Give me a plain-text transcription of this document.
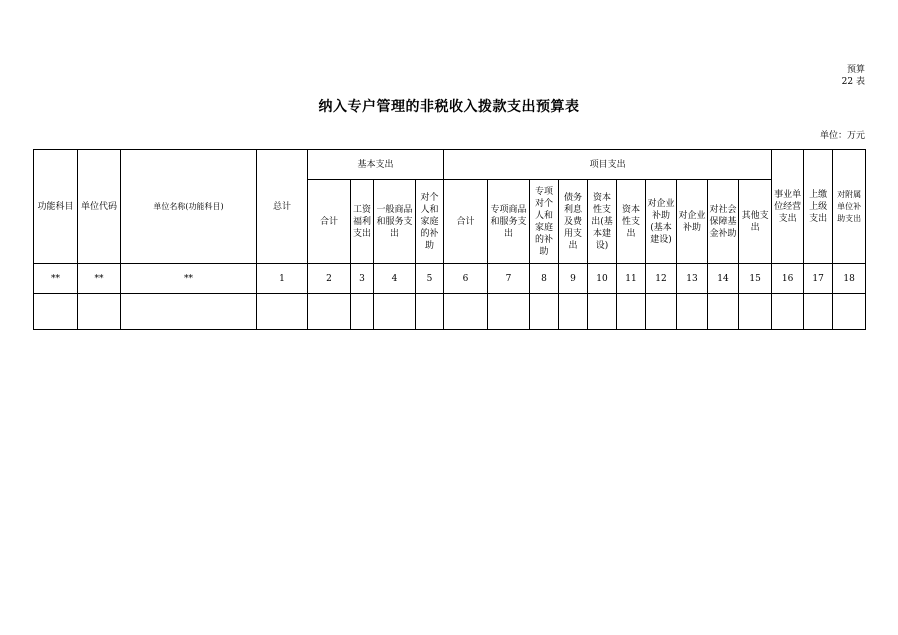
预算
22 表
纳入专户管理的非税收入拨款支出预算表
单位：万元
功能科目	单位代码	单位名称(功能科目)	总计	基本支出				项目支出										事业单位经营支出	上缴上级支出	对附属单位补助支出
				合计	工资福利支出	一般商品和服务支出	对个人和家庭的补助	合计	专项商品和服务支出	专项对个人和家庭的补助	债务利息及费用支出	资本性支出(基本建设)	资本性支出	对企业补助(基本建设)	对企业补助	对社会保障基金补助	其他支出			
**	**	**	1	2	3	4	5	6	7	8	9	10	11	12	13	14	15	16	17	18
